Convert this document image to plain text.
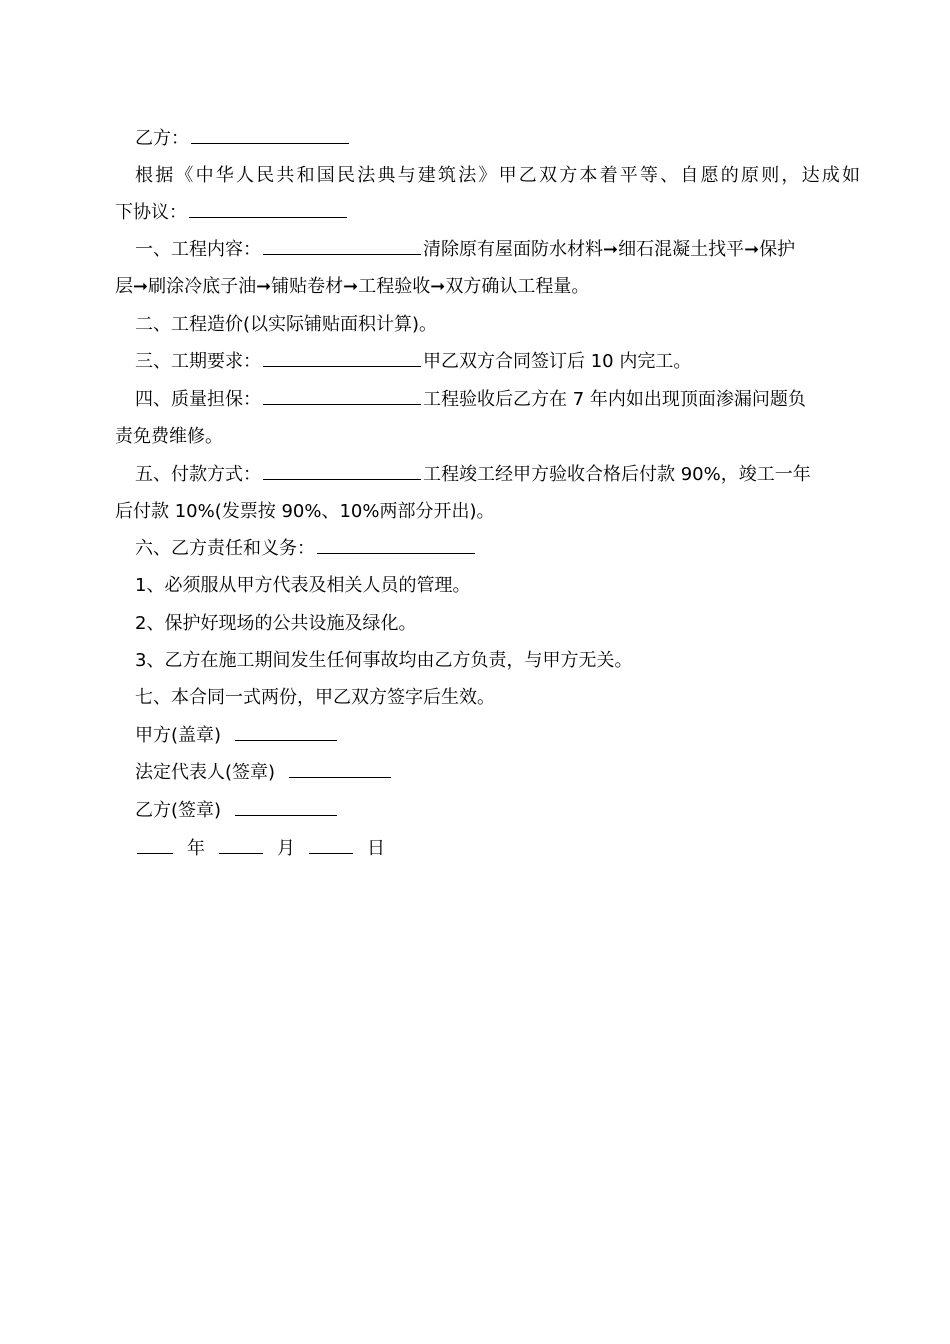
乙方：
根据《中华人民共和国民法典与建筑法》甲乙双方本着平等、自愿的原则，达成如
下协议：
一、工程内容：	清除原有屋面防水材料➞细石混凝土找平➞保护
层➞刷涂冷底子油➞铺贴卷材➞工程验收➞双方确认工程量。
二、工程造价(以实际铺贴面积计算)。
三、工期要求：	甲乙双方合同签订后 10 内完工。
四、质量担保：	工程验收后乙方在 7 年内如出现顶面渗漏问题负
责免费维修。
五、付款方式：	工程竣工经甲方验收合格后付款 90%，竣工一年
后付款 10%(发票按 90%、10%两部分开出)。
六、乙方责任和义务：
1、必须服从甲方代表及相关人员的管理。
2、保护好现场的公共设施及绿化。
3、乙方在施工期间发生任何事故均由乙方负责，与甲方无关。
七、本合同一式两份，甲乙双方签字后生效。
甲方(盖章)
法定代表人(签章)
乙方(签章)
年	月	日
